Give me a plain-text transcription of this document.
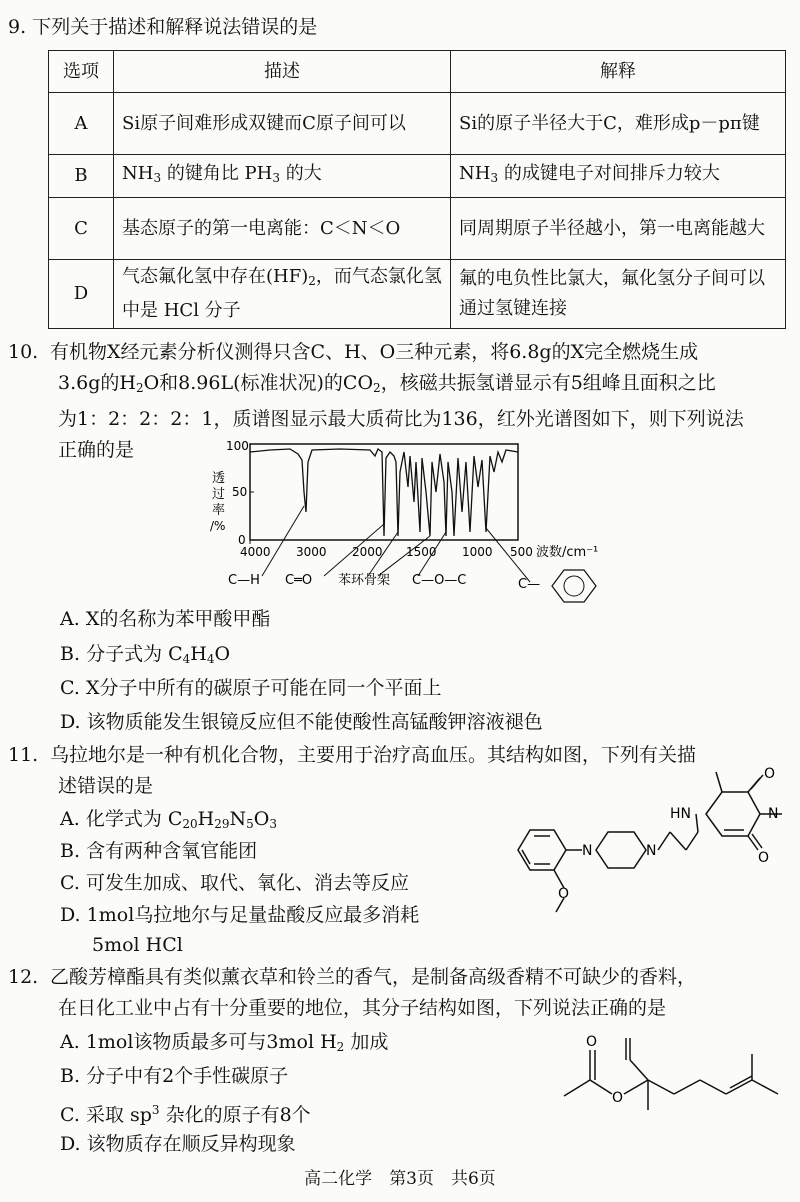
9. 下列关于描述和解释说法错误的是
选项	描述	解释
A	Si原子间难形成双键而C原子间可以	Si的原子半径大于C，难形成p－pπ键
B	$NH_3$ 的键角比 $PH_3$ 的大	$NH_3$ 的成键电子对间排斥力较大
C	基态原子的第一电离能：C＜N＜O	同周期原子半径越小，第一电离能越大
D	气态氟化氢中存在$(HF)_2$，而气态氯化氢中是 HCl 分子	氟的电负性比氯大，氟化氢分子间可以通过氢键连接
10. 有机物X经元素分析仪测得只含C、H、O三种元素，将6.8g的X完全燃烧生成
3.6g的$H_2O$和8.96L(标准状况)的$CO_2$，核磁共振氢谱显示有5组峰且面积之比
为1：2：2：2：1，质谱图显示最大质荷比为136，红外光谱图如下，则下列说法
正确的是
透
过
率
/%
100
50
0
4000 3000 2000 1500 1000 500 波数/cm⁻¹
C—H C═O 苯环骨架 C—O—C	C—
A. X的名称为苯甲酸甲酯
B. 分子式为 $C_4H_4O$
C. X分子中所有的碳原子可能在同一个平面上
D. 该物质能发生银镜反应但不能使酸性高锰酸钾溶液褪色
11. 乌拉地尔是一种有机化合物，主要用于治疗高血压。其结构如图，下列有关描
述错误的是
A. 化学式为 $C_{20}H_{29}N_5O_3$
B. 含有两种含氧官能团
C. 可发生加成、取代、氧化、消去等反应
D. 1mol乌拉地尔与足量盐酸反应最多消耗
5mol HCl
O
N	N
HN
O
N
O
12. 乙酸芳樟酯具有类似薰衣草和铃兰的香气，是制备高级香精不可缺少的香料，
在日化工业中占有十分重要的地位，其分子结构如图，下列说法正确的是
A. 1mol该物质最多可与3mol $H_2$ 加成
B. 分子中有2个手性碳原子
C. 采取 $sp^3$ 杂化的原子有8个
D. 该物质存在顺反异构现象
O
O
高二化学　第3页　共6页
